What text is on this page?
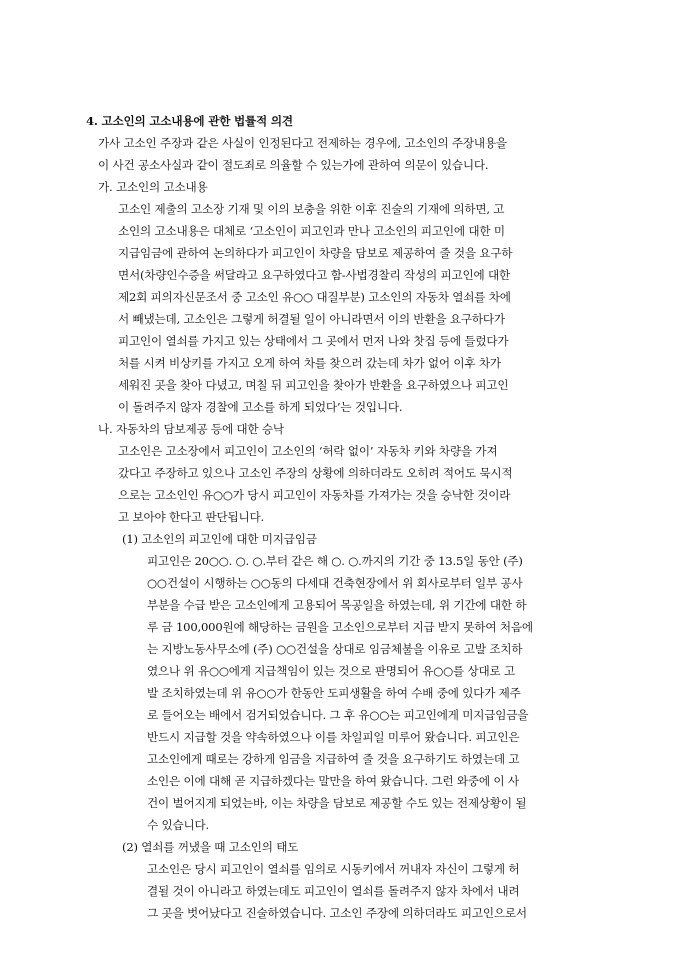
4. 고소인의 고소내용에 관한 법률적 의견
가사 고소인 주장과 같은 사실이 인정된다고 전제하는 경우에, 고소인의 주장내용을
이 사건 공소사실과 같이 절도죄로 의율할 수 있는가에 관하여 의문이 있습니다.
가. 고소인의 고소내용
고소인 제출의 고소장 기재 및 이의 보충을 위한 이후 진술의 기재에 의하면, 고
소인의 고소내용은 대체로 ‘고소인이 피고인과 만나 고소인의 피고인에 대한 미
지급임금에 관하여 논의하다가 피고인이 차량을 담보로 제공하여 줄 것을 요구하
면서(차량인수증을 써달라고 요구하였다고 함-사법경찰리 작성의 피고인에 대한
제2회 피의자신문조서 중 고소인 유○○ 대질부분) 고소인의 자동차 열쇠를 차에
서 빼냈는데, 고소인은 그렇게 허결될 일이 아니라면서 이의 반환을 요구하다가
피고인이 열쇠를 가지고 있는 상태에서 그 곳에서 먼저 나와 찻집 등에 들렀다가
처를 시켜 비상키를 가지고 오게 하여 차를 찾으러 갔는데 차가 없어 이후 차가
세워진 곳을 찾아 다녔고, 며칠 뒤 피고인을 찾아가 반환을 요구하였으나 피고인
이 돌려주지 않자 경찰에 고소를 하게 되었다’는 것입니다.
나. 자동차의 담보제공 등에 대한 승낙
고소인은 고소장에서 피고인이 고소인의 ‘허락 없이’ 자동차 키와 차량을 가져
갔다고 주장하고 있으나 고소인 주장의 상황에 의하더라도 오히려 적어도 묵시적
으로는 고소인인 유○○가 당시 피고인이 자동차를 가져가는 것을 승낙한 것이라
고 보아야 한다고 판단됩니다.
(1) 고소인의 피고인에 대한 미지급임금
피고인은 20○○. ○. ○.부터 같은 해 ○. ○.까지의 기간 중 13.5일 동안 (주)
○○건설이 시행하는 ○○동의 다세대 건축현장에서 위 회사로부터 일부 공사
부분을 수급 받은 고소인에게 고용되어 목공일을 하였는데, 위 기간에 대한 하
루 금 100,000원에 해당하는 금원을 고소인으로부터 지급 받지 못하여 처음에
는 지방노동사무소에 (주) ○○건설을 상대로 임금체불을 이유로 고발 조치하
였으나 위 유○○에게 지급책임이 있는 것으로 판명되어 유○○를 상대로 고
발 조치하였는데 위 유○○가 한동안 도피생활을 하여 수배 중에 있다가 제주
로 들어오는 배에서 검거되었습니다. 그 후 유○○는 피고인에게 미지급임금을
반드시 지급할 것을 약속하였으나 이를 차일피일 미루어 왔습니다. 피고인은
고소인에게 때로는 강하게 임금을 지급하여 줄 것을 요구하기도 하였는데 고
소인은 이에 대해 곧 지급하겠다는 말만을 하여 왔습니다. 그런 와중에 이 사
건이 벌어지게 되었는바, 이는 차량을 담보로 제공할 수도 있는 전제상황이 될
수 있습니다.
(2) 열쇠를 꺼냈을 때 고소인의 태도
고소인은 당시 피고인이 열쇠를 임의로 시동키에서 꺼내자 자신이 그렇게 허
결될 것이 아니라고 하였는데도 피고인이 열쇠를 돌려주지 않자 차에서 내려
그 곳을 벗어났다고 진술하였습니다. 고소인 주장에 의하더라도 피고인으로서
